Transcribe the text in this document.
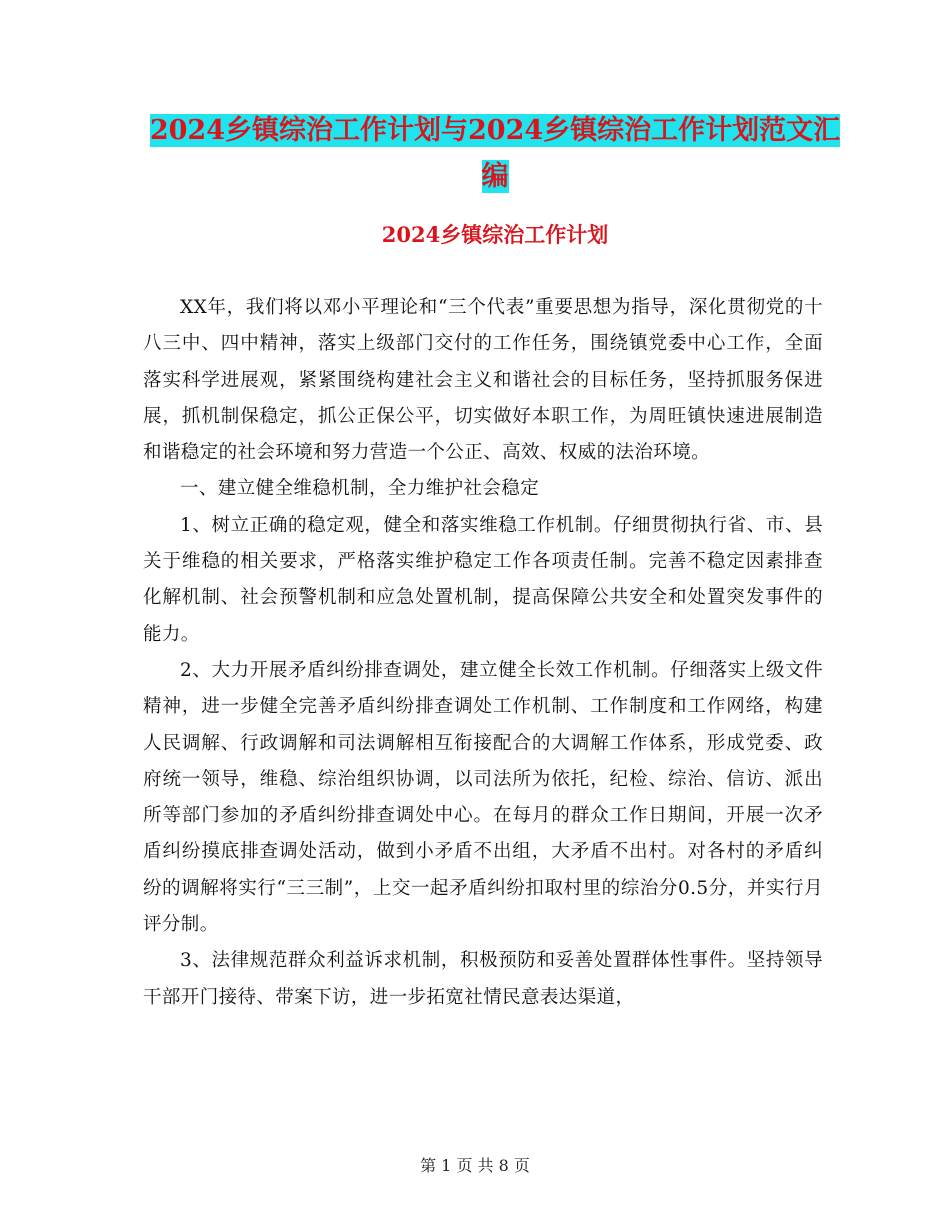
2024乡镇综治工作计划与2024乡镇综治工作计划范文汇编
2024乡镇综治工作计划

XX年，我们将以邓小平理论和“三个代表”重要思想为指导，深化贯彻党的十八三中、四中精神，落实上级部门交付的工作任务，围绕镇党委中心工作，全面落实科学进展观，紧紧围绕构建社会主义和谐社会的目标任务，坚持抓服务保进展，抓机制保稳定，抓公正保公平，切实做好本职工作，为周旺镇快速进展制造和谐稳定的社会环境和努力营造一个公正、高效、权威的法治环境。

一、建立健全维稳机制，全力维护社会稳定

1、树立正确的稳定观，健全和落实维稳工作机制。仔细贯彻执行省、市、县关于维稳的相关要求，严格落实维护稳定工作各项责任制。完善不稳定因素排查化解机制、社会预警机制和应急处置机制，提高保障公共安全和处置突发事件的能力。

2、大力开展矛盾纠纷排查调处，建立健全长效工作机制。仔细落实上级文件精神，进一步健全完善矛盾纠纷排查调处工作机制、工作制度和工作网络，构建人民调解、行政调解和司法调解相互衔接配合的大调解工作体系，形成党委、政府统一领导，维稳、综治组织协调，以司法所为依托，纪检、综治、信访、派出所等部门参加的矛盾纠纷排查调处中心。在每月的群众工作日期间，开展一次矛盾纠纷摸底排查调处活动，做到小矛盾不出组，大矛盾不出村。对各村的矛盾纠纷的调解将实行“三三制”，上交一起矛盾纠纷扣取村里的综治分0.5分，并实行月评分制。

3、法律规范群众利益诉求机制，积极预防和妥善处置群体性事件。坚持领导干部开门接待、带案下访，进一步拓宽社情民意表达渠道，

第 1 页 共 8 页
